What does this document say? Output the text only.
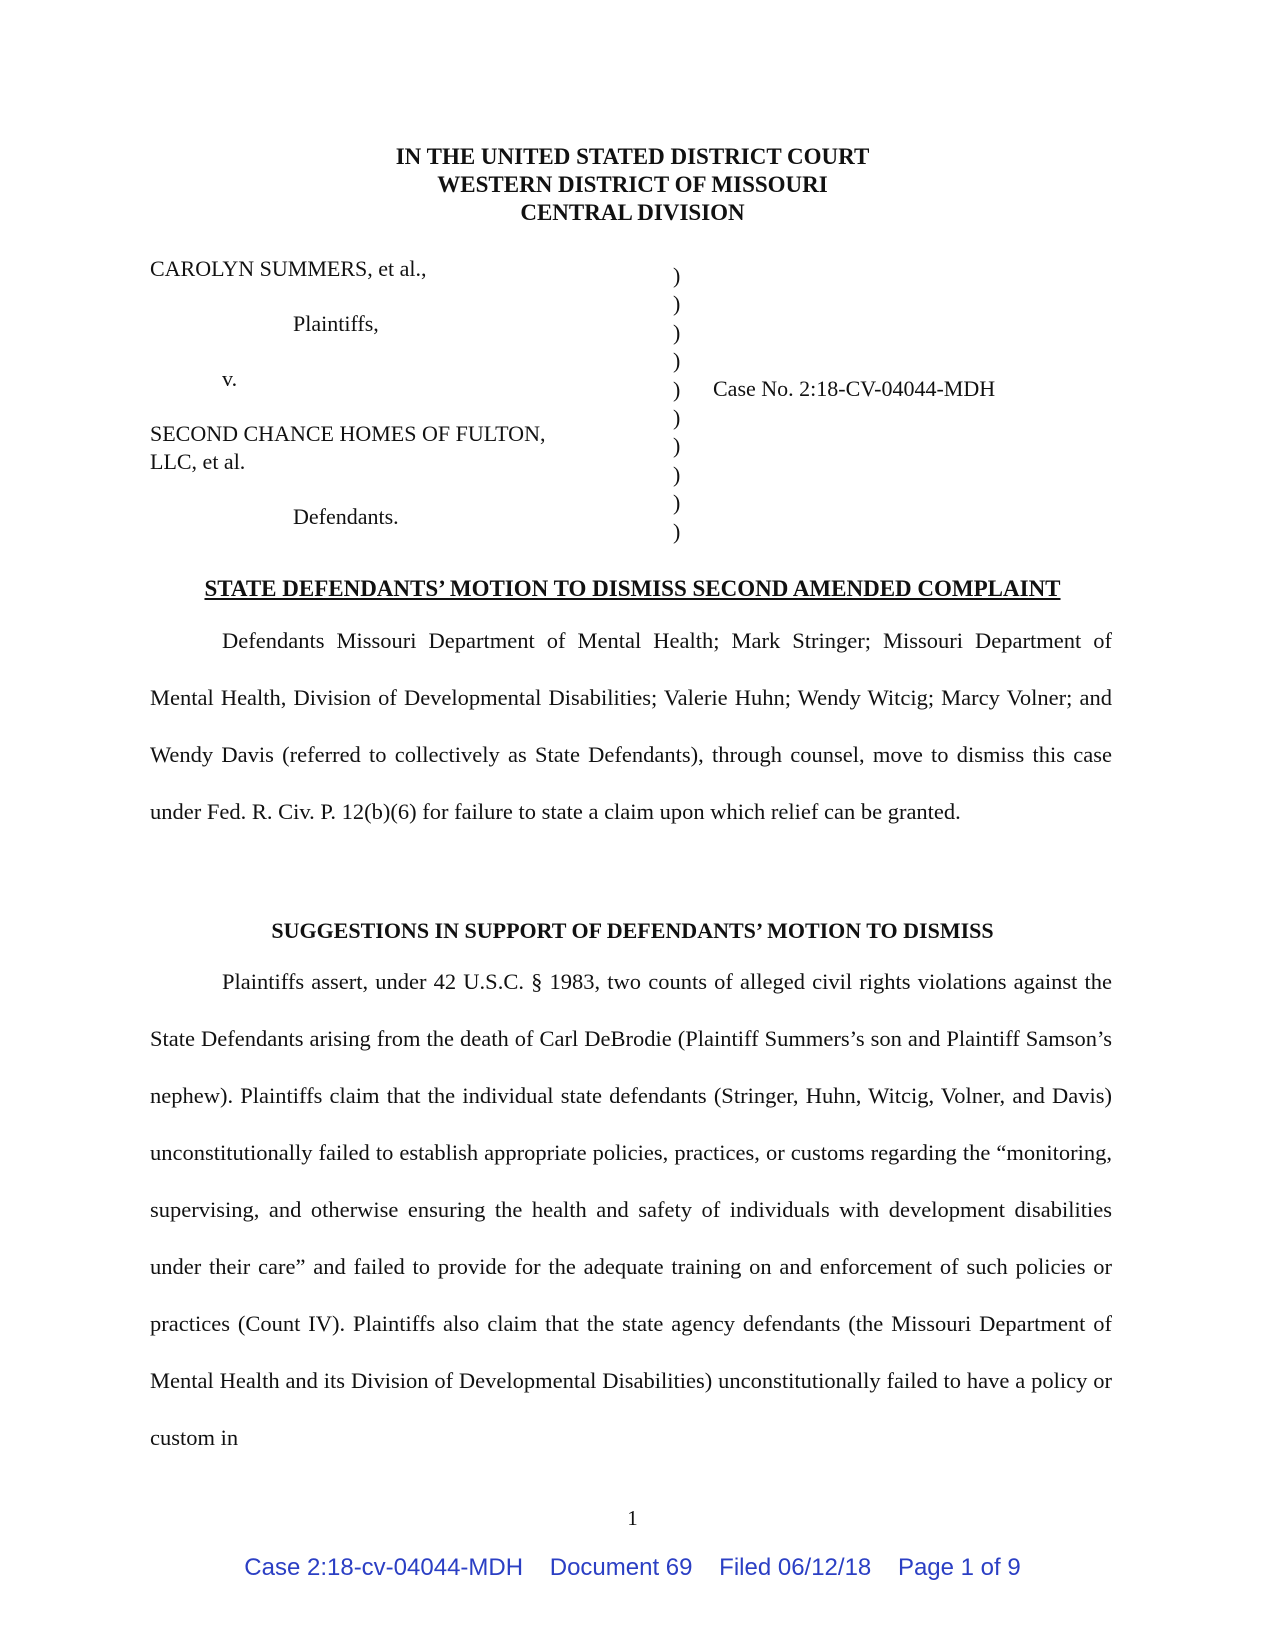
IN THE UNITED STATED DISTRICT COURT
WESTERN DISTRICT OF MISSOURI
CENTRAL DIVISION
CAROLYN SUMMERS, et al.,
Plaintiffs,
v.
SECOND CHANCE HOMES OF FULTON,
LLC, et al.
Defendants.
)
)
)
)
)
)
)
)
)
)
Case No. 2:18-CV-04044-MDH
STATE DEFENDANTS’ MOTION TO DISMISS SECOND AMENDED COMPLAINT

Defendants Missouri Department of Mental Health; Mark Stringer; Missouri Department of Mental Health, Division of Developmental Disabilities; Valerie Huhn; Wendy Witcig; Marcy Volner; and Wendy Davis (referred to collectively as State Defendants), through counsel, move to dismiss this case under Fed. R. Civ. P. 12(b)(6) for failure to state a claim upon which relief can be granted.

SUGGESTIONS IN SUPPORT OF DEFENDANTS’ MOTION TO DISMISS

Plaintiffs assert, under 42 U.S.C. § 1983, two counts of alleged civil rights violations against the State Defendants arising from the death of Carl DeBrodie (Plaintiff Summers’s son and Plaintiff Samson’s nephew). Plaintiffs claim that the individual state defendants (Stringer, Huhn, Witcig, Volner, and Davis) unconstitutionally failed to establish appropriate policies, practices, or customs regarding the “monitoring, supervising, and otherwise ensuring the health and safety of individuals with development disabilities under their care” and failed to provide for the adequate training on and enforcement of such policies or practices (Count IV). Plaintiffs also claim that the state agency defendants (the Missouri Department of Mental Health and its Division of Developmental Disabilities) unconstitutionally failed to have a policy or custom in

1
Case 2:18-cv-04044-MDH Document 69 Filed 06/12/18 Page 1 of 9
